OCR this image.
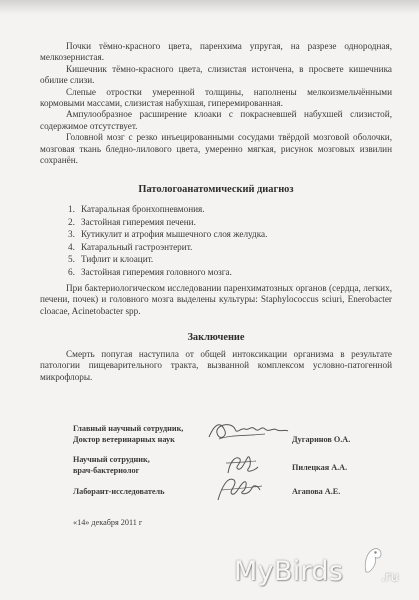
Почки тёмно-красного цвета, паренхима упругая, на разрезе однородная, мелкозернистая.

Кишечник тёмно-красного цвета, слизистая истончена, в просвете кишечника обилие слизи.

Слепые отростки умеренной толщины, наполнены мелкоизмельчёнными кормовыми массами, слизистая набухшая, гиперемированная.

Ампулообразное расширение клоаки с покрасневшей набухшей слизистой, содержимое отсутствует.

Головной мозг с резко инъецированными сосудами твёрдой мозговой оболочки, мозговая ткань бледно-лилового цвета, умеренно мягкая, рисунок мозговых извилин сохранён.

Патологоанатомический диагноз
1. Катаральная бронхопневмония.
2. Застойная гиперемия печени.
3. Кутикулит и атрофия мышечного слоя желудка.
4. Катаральный гастроэнтерит.
5. Тифлит и клоацит.
6. Застойная гиперемия головного мозга.

При бактериологическом исследовании паренхиматозных органов (сердца, легких, печени, почек) и головного мозга выделены культуры: Staphylococcus sciuri, Enerobacter cloacae, Acinetobacter spp.

Заключение

Смерть попугая наступила от общей интоксикации организма в результате патологии пищеварительного тракта, вызванной комплексом условно-патогенной микрофлоры.

Главный научный сотрудник,
Доктор ветеринарных наук	Дугаринов О.А.
Научный сотрудник,
врач-бактериолог	Пилецкая А.А.
Лаборант-исследователь	Агапова А.Е.
«14» декабря 2011 г
MyBirds	.ru
